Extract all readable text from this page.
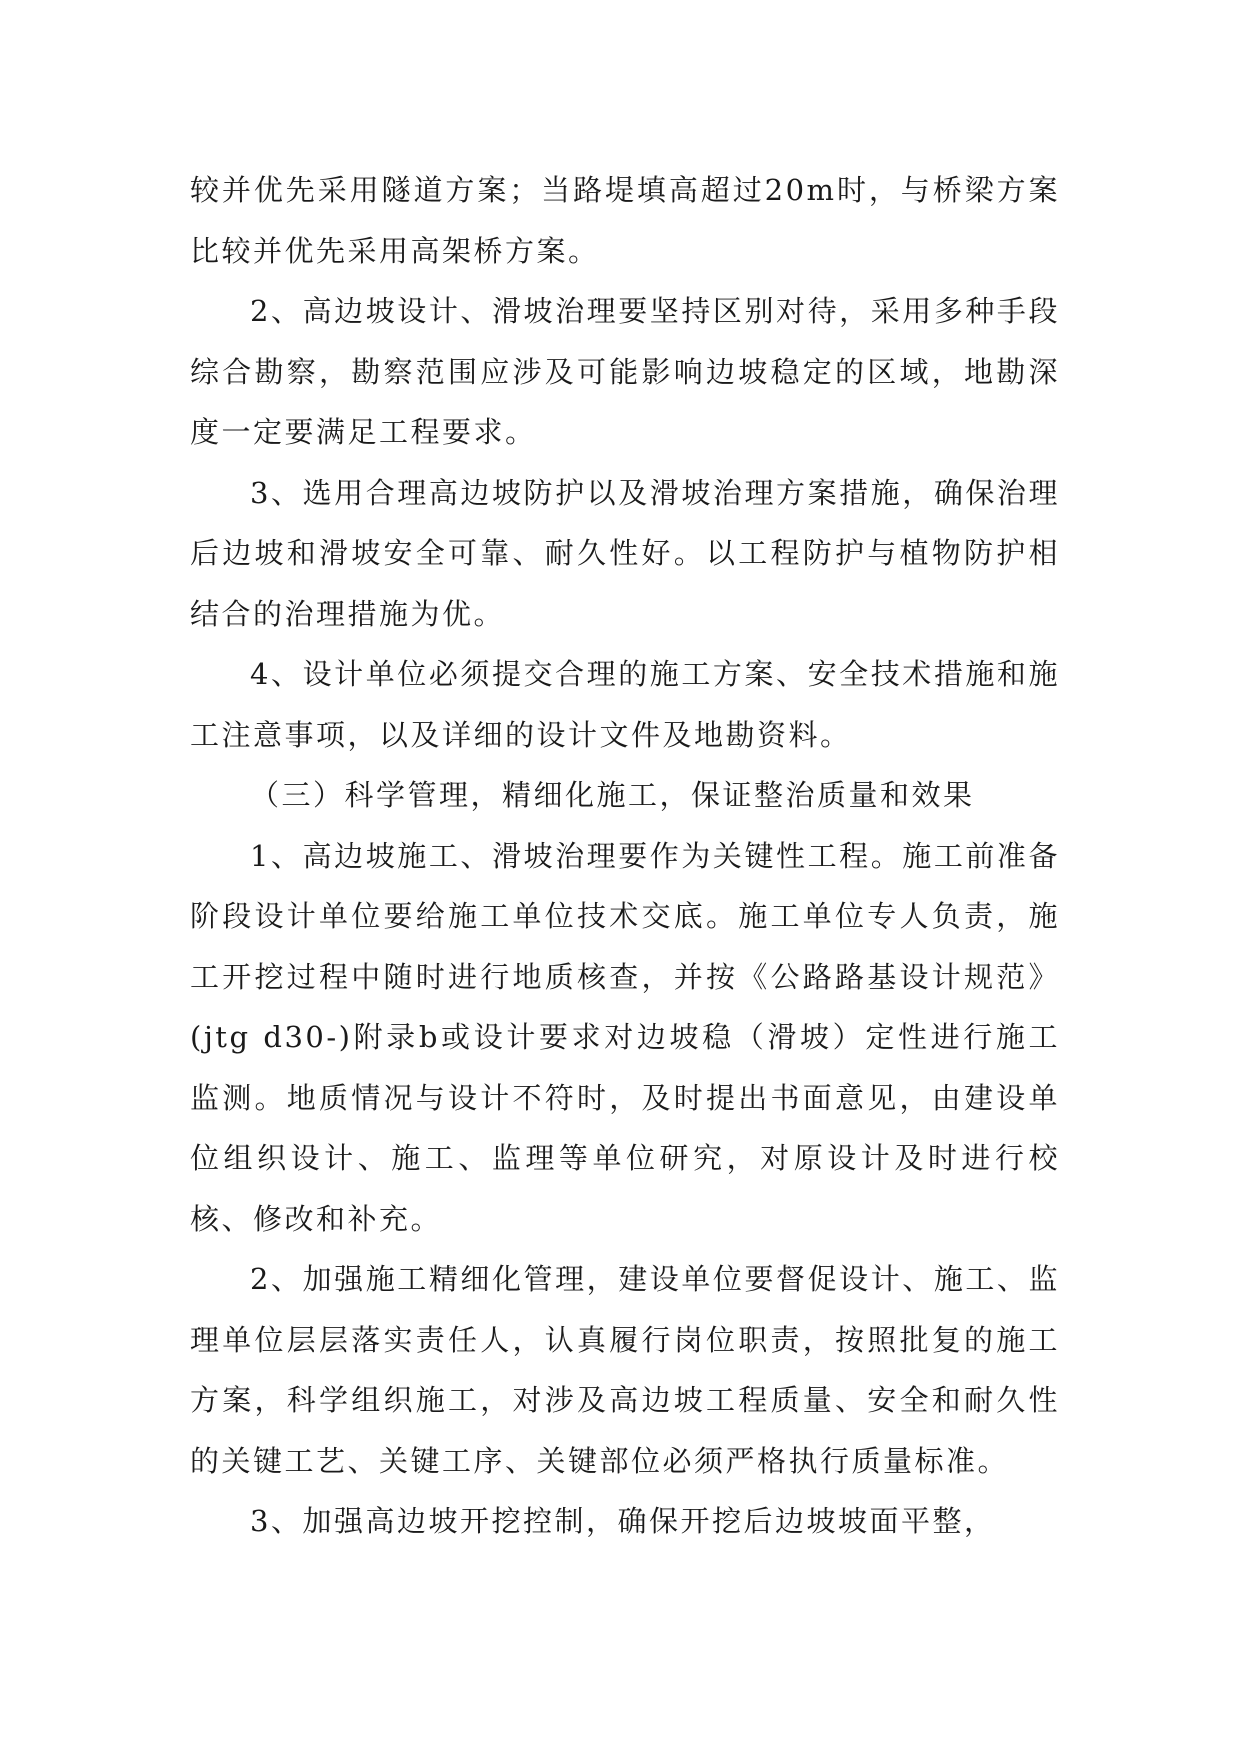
较并优先采用隧道方案；当路堤填高超过20m时，与桥梁方案比较并优先采用高架桥方案。

2、高边坡设计、滑坡治理要坚持区别对待，采用多种手段综合勘察，勘察范围应涉及可能影响边坡稳定的区域，地勘深度一定要满足工程要求。

3、选用合理高边坡防护以及滑坡治理方案措施，确保治理后边坡和滑坡安全可靠、耐久性好。以工程防护与植物防护相结合的治理措施为优。

4、设计单位必须提交合理的施工方案、安全技术措施和施工注意事项，以及详细的设计文件及地勘资料。

（三）科学管理，精细化施工，保证整治质量和效果

1、高边坡施工、滑坡治理要作为关键性工程。施工前准备阶段设计单位要给施工单位技术交底。施工单位专人负责，施工开挖过程中随时进行地质核查，并按《公路路基设计规范》(jtg d30-)附录b或设计要求对边坡稳（滑坡）定性进行施工监测。地质情况与设计不符时，及时提出书面意见，由建设单位组织设计、施工、监理等单位研究，对原设计及时进行校核、修改和补充。

2、加强施工精细化管理，建设单位要督促设计、施工、监理单位层层落实责任人，认真履行岗位职责，按照批复的施工方案，科学组织施工，对涉及高边坡工程质量、安全和耐久性的关键工艺、关键工序、关键部位必须严格执行质量标准。

3、加强高边坡开挖控制，确保开挖后边坡坡面平整，
